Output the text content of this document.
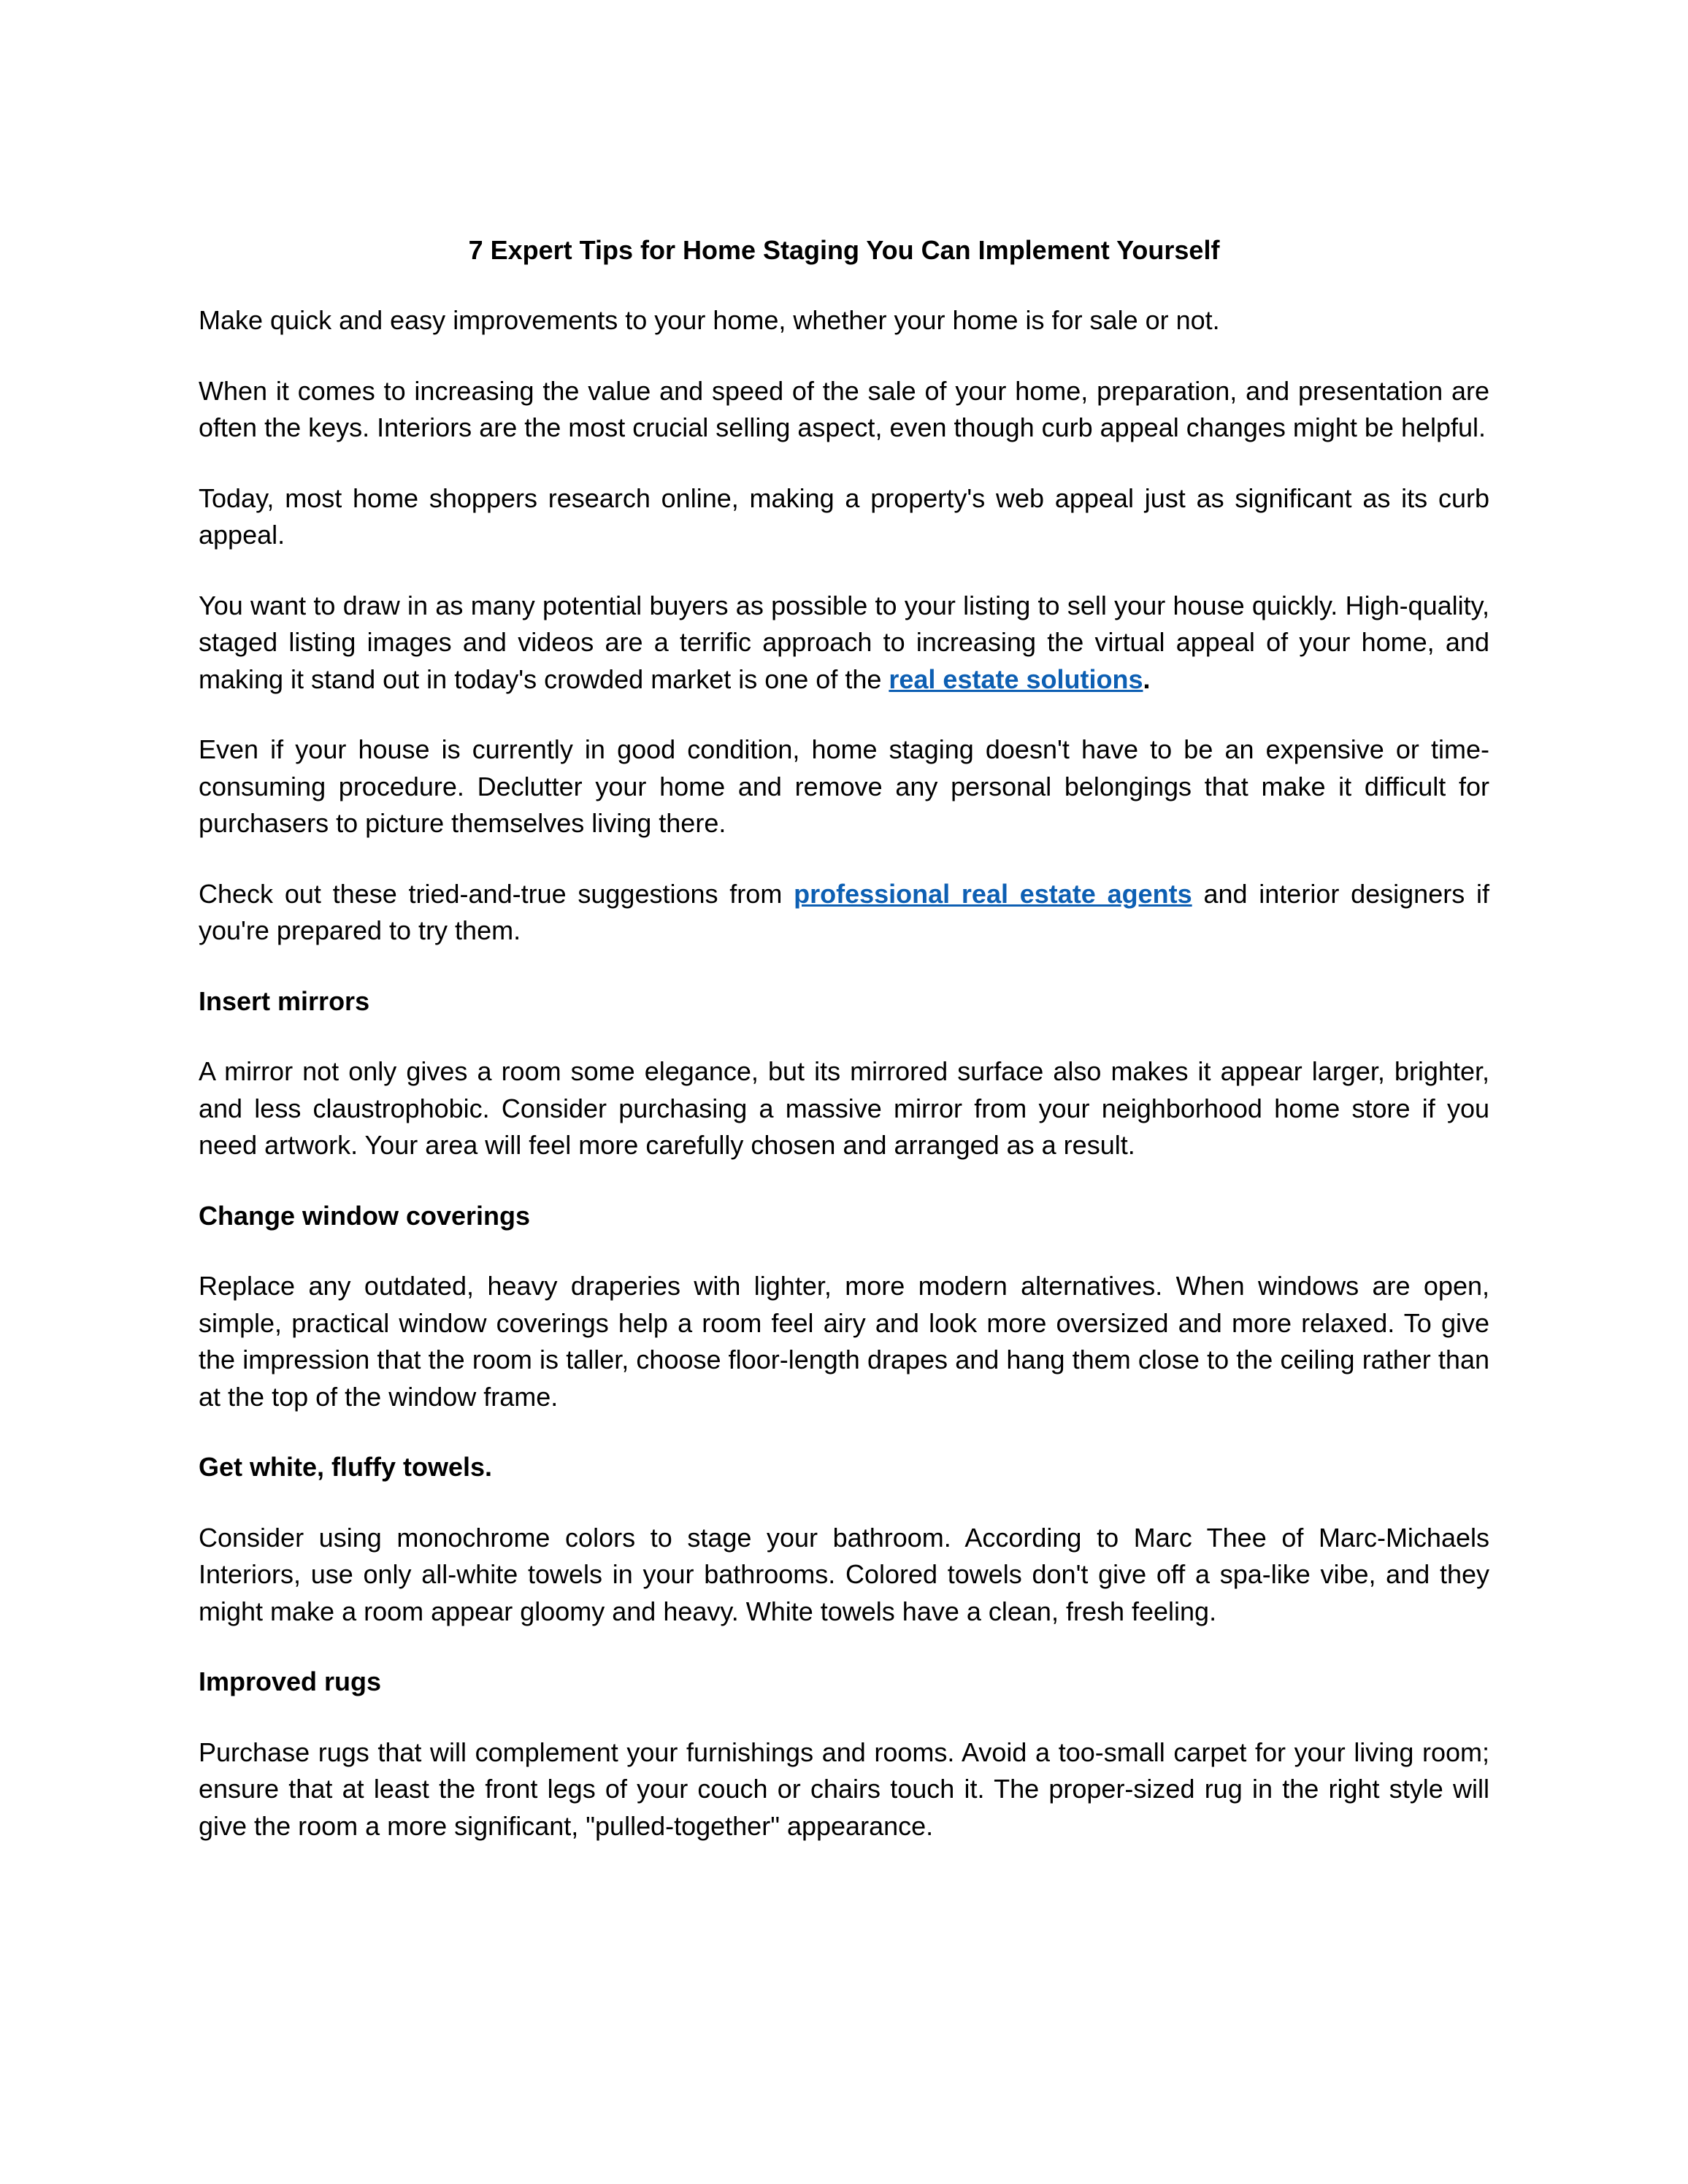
7 Expert Tips for Home Staging You Can Implement Yourself

Make quick and easy improvements to your home, whether your home is for sale or not.

When it comes to increasing the value and speed of the sale of your home, preparation, and presentation are often the keys. Interiors are the most crucial selling aspect, even though curb appeal changes might be helpful.

Today, most home shoppers research online, making a property's web appeal just as significant as its curb appeal.

You want to draw in as many potential buyers as possible to your listing to sell your house quickly. High-quality, staged listing images and videos are a terrific approach to increasing the virtual appeal of your home, and making it stand out in today's crowded market is one of the real estate solutions.

Even if your house is currently in good condition, home staging doesn't have to be an expensive or time-consuming procedure. Declutter your home and remove any personal belongings that make it difficult for purchasers to picture themselves living there.

Check out these tried-and-true suggestions from professional real estate agents and interior designers if you're prepared to try them.

Insert mirrors

A mirror not only gives a room some elegance, but its mirrored surface also makes it appear larger, brighter, and less claustrophobic. Consider purchasing a massive mirror from your neighborhood home store if you need artwork. Your area will feel more carefully chosen and arranged as a result.

Change window coverings

Replace any outdated, heavy draperies with lighter, more modern alternatives. When windows are open, simple, practical window coverings help a room feel airy and look more oversized and more relaxed. To give the impression that the room is taller, choose floor-length drapes and hang them close to the ceiling rather than at the top of the window frame.

Get white, fluffy towels.

Consider using monochrome colors to stage your bathroom. According to Marc Thee of Marc-Michaels Interiors, use only all-white towels in your bathrooms. Colored towels don't give off a spa-like vibe, and they might make a room appear gloomy and heavy. White towels have a clean, fresh feeling.

Improved rugs

Purchase rugs that will complement your furnishings and rooms. Avoid a too-small carpet for your living room; ensure that at least the front legs of your couch or chairs touch it. The proper-sized rug in the right style will give the room a more significant, "pulled-together" appearance.
